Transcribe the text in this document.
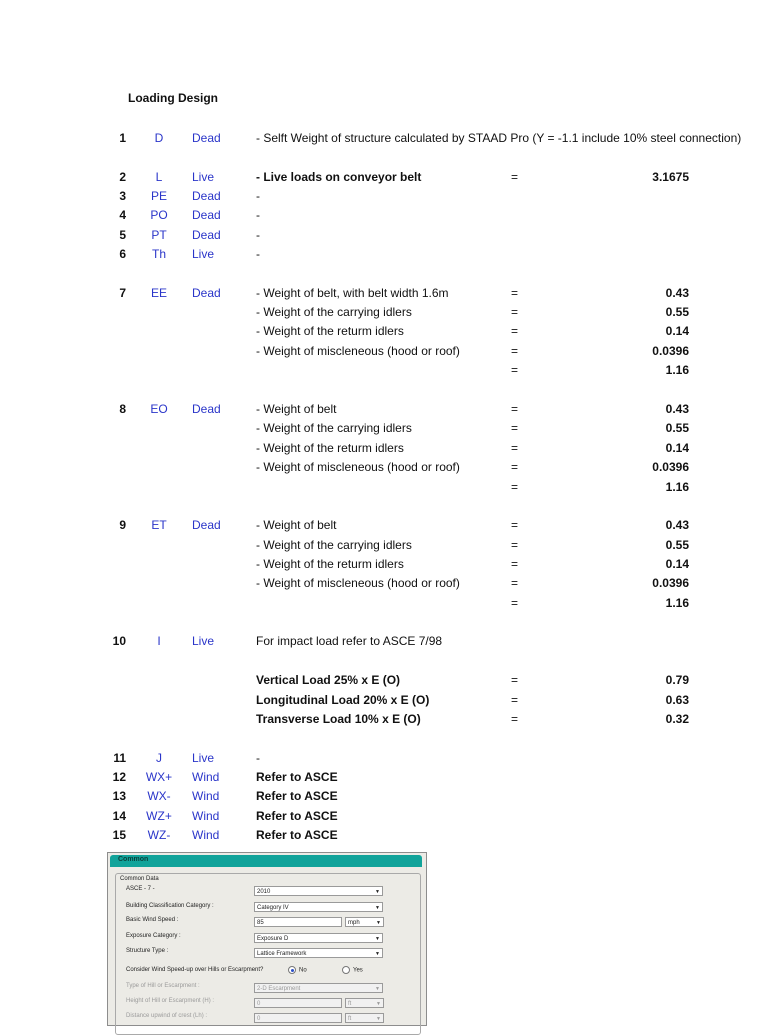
Loading Design
1	D	Dead	- Selft Weight of structure calculated by STAAD Pro (Y = -1.1 include 10% steel connection)
2	L	Live	- Live loads on conveyor belt	=	3.1675
3	PE	Dead	-
4	PO	Dead	-
5	PT	Dead	-
6	Th	Live	-
7	EE	Dead	- Weight of belt, with belt width 1.6m	=	0.43
- Weight of the carrying idlers	=	0.55
- Weight of the returm idlers	=	0.14
- Weight of miscleneous (hood or roof)	=	0.0396
=	1.16
8	EO	Dead	- Weight of belt	=	0.43
- Weight of the carrying idlers	=	0.55
- Weight of the returm idlers	=	0.14
- Weight of miscleneous (hood or roof)	=	0.0396
=	1.16
9	ET	Dead	- Weight of belt	=	0.43
- Weight of the carrying idlers	=	0.55
- Weight of the returm idlers	=	0.14
- Weight of miscleneous (hood or roof)	=	0.0396
=	1.16
10	I	Live	For impact load refer to ASCE 7/98
Vertical Load 25% x E (O)	=	0.79
Longitudinal Load 20% x E (O)	=	0.63
Transverse Load 10% x E (O)	=	0.32
11	J	Live	-
12	WX+	Wind	Refer to ASCE
13	WX-	Wind	Refer to ASCE
14	WZ+	Wind	Refer to ASCE
15	WZ-	Wind	Refer to ASCE
Common
Common Data
ASCE - 7 -	2010	▼
Building Classification Category :	Category IV	▼
Basic Wind Speed :	85	mph	▼
Exposure Category :	Exposure D	▼
Structure Type :	Lattice Framework	▼
Consider Wind Speed-up over Hills or Escarpment?	No	Yes
Type of Hill or Escarpment :	2-D Escarpment	▼
Height of Hill or Escarpment (H) :	0	ft	▼
Distance upwind of crest (Lh) :	0	ft	▼
